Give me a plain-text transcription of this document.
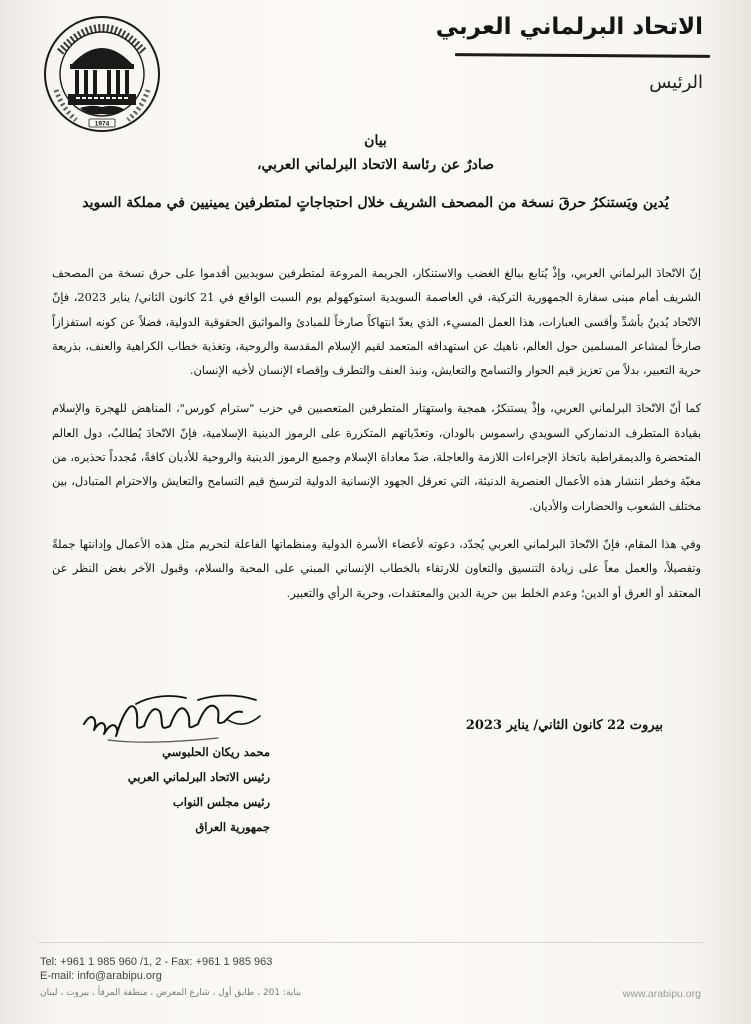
1974
الاتحاد البرلماني العربي
الرئيس
بيان
صادرٌ عن رئاسة الاتحاد البرلماني العربي،
يُدين ويَستنكرُ حرقَ نسخة من المصحف الشريف خلال احتجاجاتٍ لمتطرفين يمينيين في مملكة السويد

إنّ الاتّحادَ البرلماني العربي، وإذْ يُتابع ببالغ الغضب والاستنكار، الجريمة المروعة لمتطرفين سويديين أقدموا على حرق نسخة من المصحف الشريف أمام مبنى سفارة الجمهورية التركية، في العاصمة السويدية استوكهولم يوم السبت الواقع في 21 كانون الثاني/ يناير 2023، فإنّ الاتّحاد يُدينُ بأشدِّ وأقسى العبارات، هذا العمل المسيء، الذي يعدّ انتهاكاً صارخاً للمبادئ والمواثيق الحقوقية الدولية، فضلاً عن كونه استفزازاً صارخاً لمشاعر المسلمين حول العالم، ناهيك عن استهدافه المتعمد لقيم الإسلام المقدسة والروحية، وتغذية خطاب الكراهية والعنف، بذريعة حرية التعبير، بدلاً من تعزيز قيم الحوار والتسامح والتعايش، ونبذ العنف والتطرف وإقصاء الإنسان لأخيه الإنسان.

كما أنّ الاتّحادَ البرلماني العربي، وإذْ يستنكرُ، همجية واستهتار المتطرفين المتعصبين في حزب "سترام كورس"، المناهض للهجرة والإسلام بقيادة المتطرف الدنماركي السويدي راسموس بالودان، وتعدّياتهم المتكررة على الرموز الدينية الإسلامية، فإنّ الاتّحادَ يُطالبُ، دول العالم المتحضرة والديمقراطية باتخاذ الإجراءات اللازمة والعاجلة، ضدّ معاداة الإسلام وجميع الرموز الدينية والروحية للأديان كافةً، مُجدداً تحذيره، من مغبّة وخطر انتشار هذه الأعمال العنصرية الدنيئة، التي تعرقل الجهود الإنسانية الدولية لترسيخ قيم التسامح والتعايش والاحترام المتبادل، بين مختلف الشعوب والحضارات والأديان.

وفي هذا المقام، فإنّ الاتّحادَ البرلماني العربي يُجدّد، دعوته لأعضاء الأسرة الدولية ومنظماتها الفاعلة لتحريم مثل هذه الأعمال وإدانتها جملةً وتفصيلاً، والعمل معاً على زيادة التنسيق والتعاون للارتقاء بالخطاب الإنساني المبني على المحبة والسلام، وقبول الآخر بغض النظر عن المعتقد أو العرق أو الدين؛ وعدم الخلط بين حرية الدين والمعتقدات، وحرية الرأي والتعبير.

بيروت 22 كانون الثاني/ يناير 2023
محمد ريكان الحلبوسي
رئيس الاتحاد البرلماني العربي
رئيس مجلس النواب
جمهورية العراق
Tel: +961 1 985 960 /1, 2 - Fax: +961 1 985 963
E-mail: info@arabipu.org
بناية: 201 ، طابق أول ، شارع المعرض ، منطقة المرفأ ، بيروت ، لبنان	www.arabipu.org
